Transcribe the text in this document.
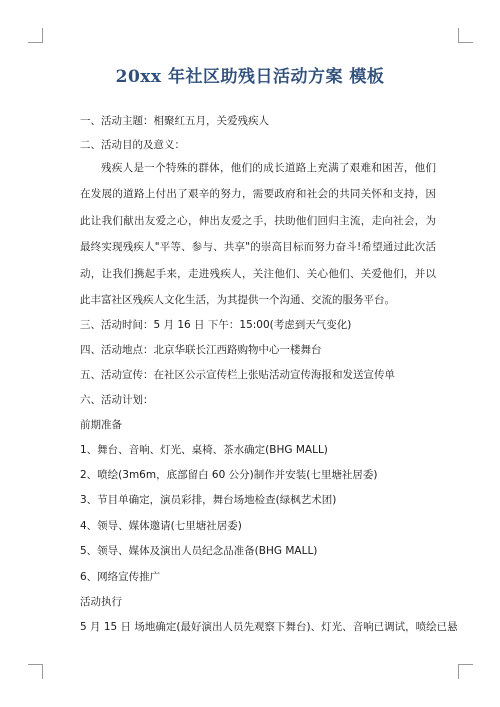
20xx 年社区助残日活动方案 模板
一、活动主题：相聚红五月，关爱残疾人
二、活动目的及意义：
残疾人是一个特殊的群体，他们的成长道路上充满了艰难和困苦，他们在发展的道路上付出了艰辛的努力，需要政府和社会的共同关怀和支持，因此让我们献出友爱之心，伸出友爱之手，扶助他们回归主流，走向社会，为最终实现残疾人"平等、参与、共享"的崇高目标而努力奋斗!希望通过此次活动，让我们携起手来，走进残疾人，关注他们、关心他们、关爱他们，并以此丰富社区残疾人文化生活，为其提供一个沟通、交流的服务平台。
三、活动时间：5 月 16 日 下午：15:00(考虑到天气变化)
四、活动地点：北京华联长江西路购物中心一楼舞台
五、活动宣传：在社区公示宣传栏上张贴活动宣传海报和发送宣传单
六、活动计划：
前期准备
1、舞台、音响、灯光、桌椅、茶水确定(BHG MALL)
2、喷绘(3m6m，底部留白 60 公分)制作并安装(七里塘社居委)
3、节目单确定，演员彩排，舞台场地检查(绿枫艺术团)
4、领导、媒体邀请(七里塘社居委)
5、领导、媒体及演出人员纪念品准备(BHG MALL)
6、网络宣传推广
活动执行
5 月 15 日 场地确定(最好演出人员先观察下舞台)、灯光、音响已调试，喷绘已悬
